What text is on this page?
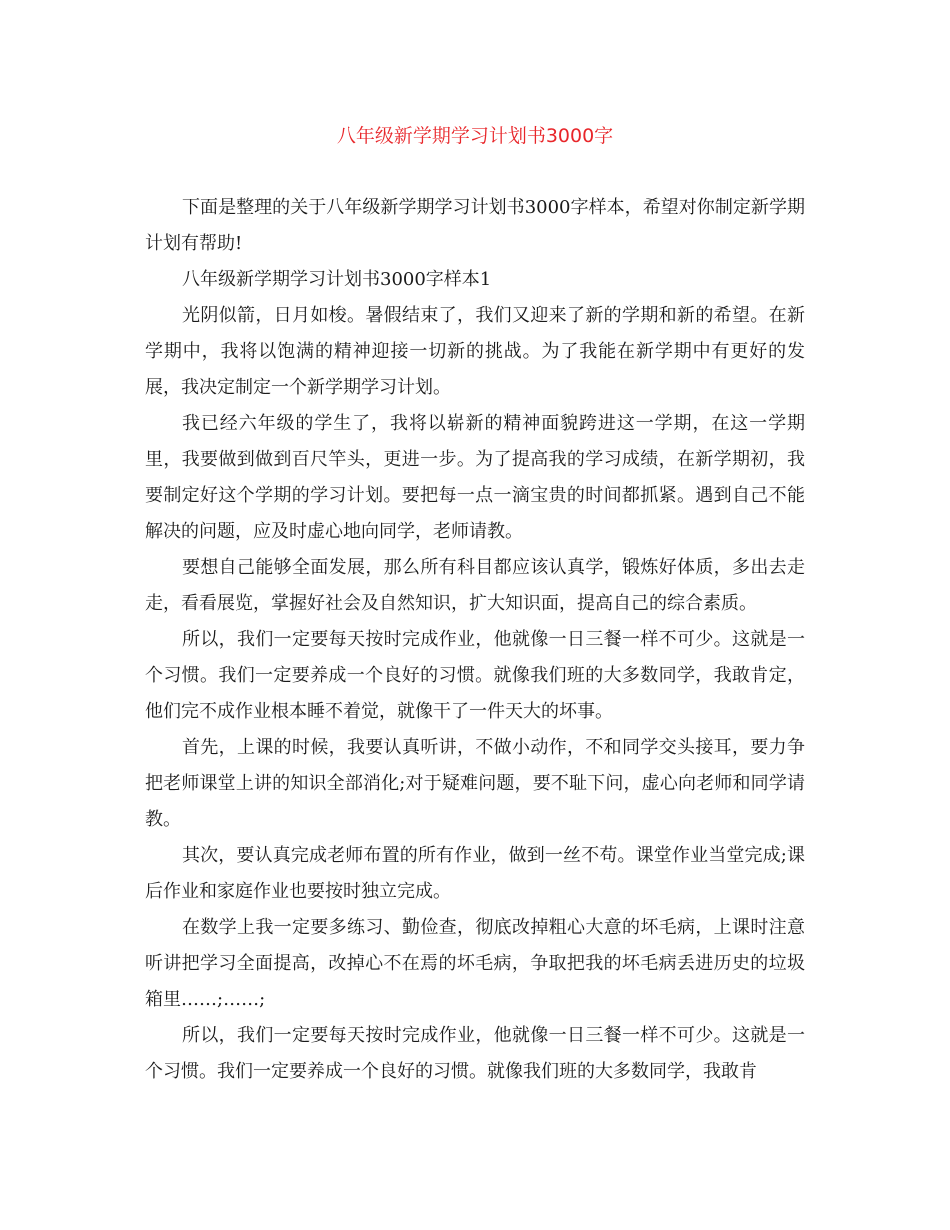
八年级新学期学习计划书3000字

下面是整理的关于八年级新学期学习计划书3000字样本，希望对你制定新学期计划有帮助!

八年级新学期学习计划书3000字样本1

光阴似箭，日月如梭。暑假结束了，我们又迎来了新的学期和新的希望。在新学期中，我将以饱满的精神迎接一切新的挑战。为了我能在新学期中有更好的发展，我决定制定一个新学期学习计划。

我已经六年级的学生了，我将以崭新的精神面貌跨进这一学期，在这一学期里，我要做到做到百尺竿头，更进一步。为了提高我的学习成绩，在新学期初，我要制定好这个学期的学习计划。要把每一点一滴宝贵的时间都抓紧。遇到自己不能解决的问题，应及时虚心地向同学，老师请教。

要想自己能够全面发展，那么所有科目都应该认真学，锻炼好体质，多出去走走，看看展览，掌握好社会及自然知识，扩大知识面，提高自己的综合素质。

所以，我们一定要每天按时完成作业，他就像一日三餐一样不可少。这就是一个习惯。我们一定要养成一个良好的习惯。就像我们班的大多数同学，我敢肯定，他们完不成作业根本睡不着觉，就像干了一件天大的坏事。

首先，上课的时候，我要认真听讲，不做小动作，不和同学交头接耳，要力争把老师课堂上讲的知识全部消化;对于疑难问题，要不耻下问，虚心向老师和同学请教。

其次，要认真完成老师布置的所有作业，做到一丝不苟。课堂作业当堂完成;课后作业和家庭作业也要按时独立完成。

在数学上我一定要多练习、勤俭查，彻底改掉粗心大意的坏毛病，上课时注意听讲把学习全面提高，改掉心不在焉的坏毛病，争取把我的坏毛病丢进历史的垃圾箱里……;……;

所以，我们一定要每天按时完成作业，他就像一日三餐一样不可少。这就是一个习惯。我们一定要养成一个良好的习惯。就像我们班的大多数同学，我敢肯
